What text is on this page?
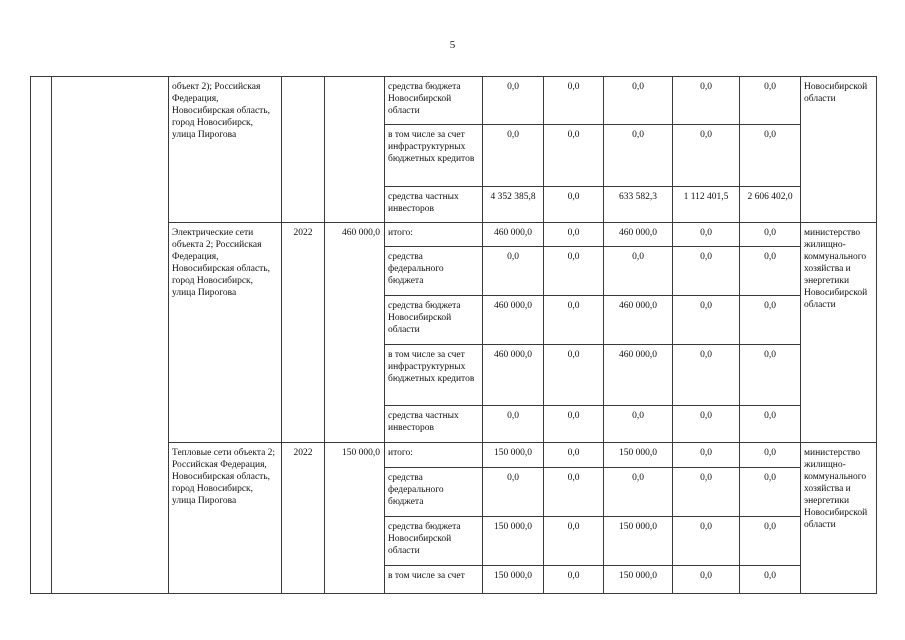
5
		объект 2); Российская Федерация, Новосибирская область, город Новосибирск, улица Пирогова			средства бюджета Новосибирской области	0,0	0,0	0,0	0,0	0,0	Новосибирской области
					в том числе за счет инфраструктурных бюджетных кредитов	0,0	0,0	0,0	0,0	0,0	
					средства частных инвесторов	4 352 385,8	0,0	633 582,3	1 112 401,5	2 606 402,0	
		Электрические сети объекта 2; Российская Федерация, Новосибирская область, город Новосибирск, улица Пирогова	2022	460 000,0	итого:	460 000,0	0,0	460 000,0	0,0	0,0	министерство жилищно-коммунального хозяйства и энергетики Новосибирской области
					средства федерального бюджета	0,0	0,0	0,0	0,0	0,0	
					средства бюджета Новосибирской области	460 000,0	0,0	460 000,0	0,0	0,0	
					в том числе за счет инфраструктурных бюджетных кредитов	460 000,0	0,0	460 000,0	0,0	0,0	
					средства частных инвесторов	0,0	0,0	0,0	0,0	0,0	
		Тепловые сети объекта 2; Российская Федерация, Новосибирская область, город Новосибирск, улица Пирогова	2022	150 000,0	итого:	150 000,0	0,0	150 000,0	0,0	0,0	министерство жилищно-коммунального хозяйства и энергетики Новосибирской области
					средства федерального бюджета	0,0	0,0	0,0	0,0	0,0	
					средства бюджета Новосибирской области	150 000,0	0,0	150 000,0	0,0	0,0	
					в том числе за счет	150 000,0	0,0	150 000,0	0,0	0,0	
